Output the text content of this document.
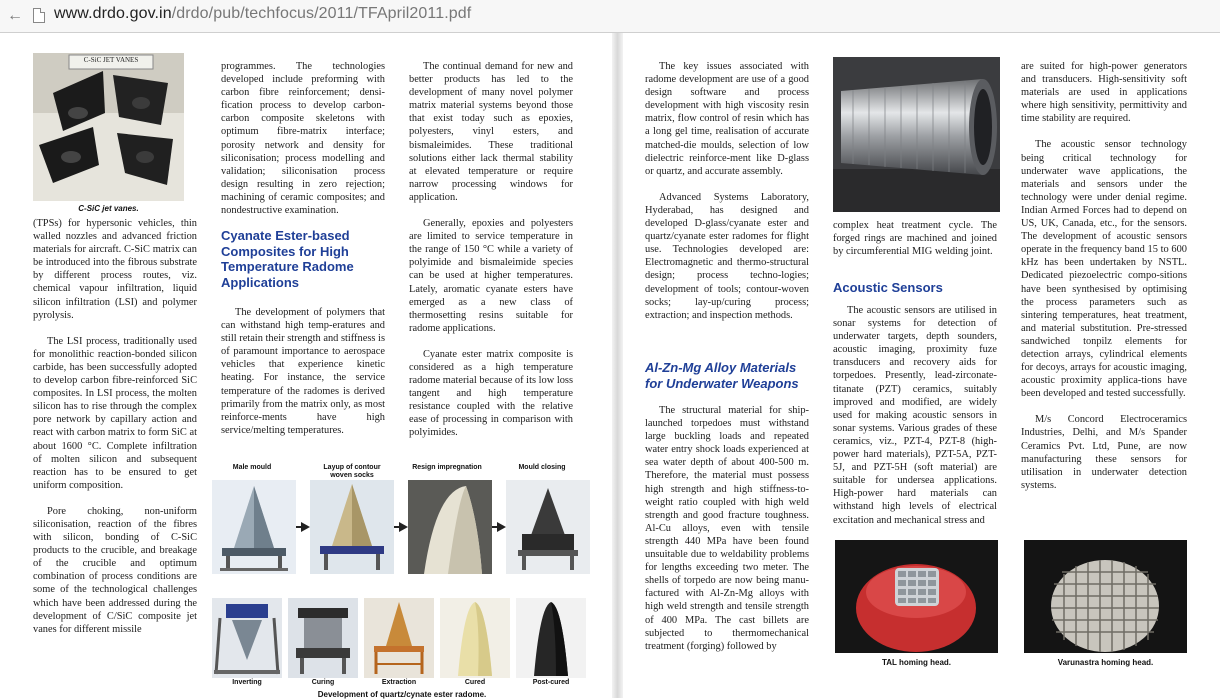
← www.drdo.gov.in/drdo/pub/techfocus/2011/TFApril2011.pdf
C-SiC JET VANES

C-SiC jet vanes.

(TPSs) for hypersonic vehicles, thin walled nozzles and advanced friction materials for aircraft. C-SiC matrix can be introduced into the fibrous substrate by different process routes, viz. chemical vapour infiltration, liquid silicon infiltration (LSI) and polymer pyrolysis.

The LSI process, traditionally used for monolithic reaction-bonded silicon carbide, has been successfully adopted to develop carbon fibre-reinforced SiC composites. In LSI process, the molten silicon has to rise through the complex pore network by capillary action and react with carbon matrix to form SiC at about 1600 °C. Complete infiltration of molten silicon and subsequent reaction has to be ensured to get uniform composition.

Pore choking, non-uniform siliconisation, reaction of the fibres with silicon, bonding of C-SiC products to the crucible, and breakage of the crucible and optimum combination of process conditions are some of the technological challenges which have been addressed during the development of C/SiC composite jet vanes for different missile

programmes. The technologies developed include preforming with carbon fibre reinforcement; densi-fication process to develop carbon-carbon composite skeletons with optimum fibre-matrix interface; porosity network and density for siliconisation; process modelling and validation; siliconisation process design resulting in zero rejection; machining of ceramic composites; and nondestructive examination.

Cyanate Ester-based Composites for High Temperature Radome Applications

The development of polymers that can withstand high temp-eratures and still retain their strength and stiffness is of paramount importance to aerospace vehicles that experience kinetic heating. For instance, the service temperature of the radomes is derived primarily from the matrix only, as most reinforce-ments have high service/melting temperatures.

The continual demand for new and better products has led to the development of many novel polymer matrix material systems beyond those that exist today such as epoxies, polyesters, vinyl esters, and bismaleimides. These traditional solutions either lack thermal stability at elevated temperature or require narrow processing windows for application.

Generally, epoxies and polyesters are limited to service temperature in the range of 150 °C while a variety of polyimide and bismaleimide species can be used at higher temperatures. Lately, aromatic cyanate esters have emerged as a new class of thermosetting resins suitable for radome applications.

Cyanate ester matrix composite is considered as a high temperature radome material because of its low loss tangent and high temperature resistance coupled with the relative ease of processing in comparison with polyimides.

Male mould	Layup of contour woven socks
Resign impregnation	Mould closing
Inverting	Curing	Extraction	Cured	Post-cured

Development of quartz/cynate ester radome.

The key issues associated with radome development are use of a good design software and process development with high viscosity resin matrix, flow control of resin which has a long gel time, realisation of accurate matched-die moulds, selection of low dielectric reinforce-ment like D-glass or quartz, and accurate assembly.

Advanced Systems Laboratory, Hyderabad, has designed and developed D-glass/cyanate ester and quartz/cyanate ester radomes for flight use. Technologies developed are: Electromagnetic and thermo-structural design; process techno-logies; development of tools; contour-woven socks; lay-up/curing process; extraction; and inspection methods.

Al-Zn-Mg Alloy Materials for Underwater Weapons

The structural material for ship-launched torpedoes must withstand large buckling loads and repeated water entry shock loads experienced at sea water depth of about 400-500 m. Therefore, the material must possess high strength and high stiffness-to-weight ratio coupled with high weld strength and good fracture toughness. Al-Cu alloys, even with tensile strength 440 MPa have been found unsuitable due to weldability problems for lengths exceeding two meter. The shells of torpedo are now being manu-factured with Al-Zn-Mg alloys with high weld strength and tensile strength of 400 MPa. The cast billets are subjected to thermomechanical treatment (forging) followed by

complex heat treatment cycle. The forged rings are machined and joined by circumferential MIG welding joint.

Acoustic Sensors

The acoustic sensors are utilised in sonar systems for detection of underwater targets, depth sounders, acoustic imaging, proximity fuze transducers and recovery aids for torpedoes. Presently, lead-zirconate-titanate (PZT) ceramics, suitably improved and modified, are widely used for making acoustic sensors in sonar systems. Various grades of these ceramics, viz., PZT-4, PZT-8 (high-power hard materials), PZT-5A, PZT-5J, and PZT-5H (soft material) are suitable for undersea applications. High-power hard materials can withstand high levels of electrical excitation and mechanical stress and

are suited for high-power generators and transducers. High-sensitivity soft materials are used in applications where high sensitivity, permittivity and time stability are required.

The acoustic sensor technology being critical technology for underwater wave applications, the materials and sensors under the technology were under denial regime. Indian Armed Forces had to depend on US, UK, Canada, etc., for the sensors. The development of acoustic sensors operate in the frequency band 15 to 600 kHz has been undertaken by NSTL. Dedicated piezoelectric compo-sitions have been synthesised by optimising the process parameters such as sintering temperatures, heat treatment, and material substitution. Pre-stressed sandwiched tonpilz elements for detection arrays, cylindrical elements for decoys, arrays for acoustic imaging, acoustic proximity applica-tions have been developed and tested successfully.

M/s Concord Electroceramics Industries, Delhi, and M/s Spander Ceramics Pvt. Ltd, Pune, are now manufacturing these sensors for utilisation in underwater detection systems.

TAL homing head.	Varunastra homing head.
